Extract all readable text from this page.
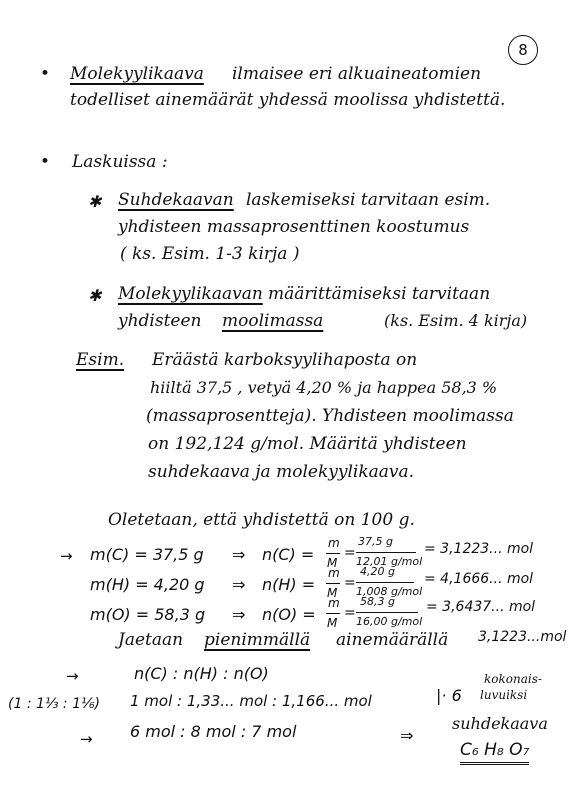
8
• Molekyylikaava ilmaisee eri alkuaineatomien
todelliset ainemäärät yhdessä moolissa yhdistettä.
• Laskuissa :
✱ Suhdekaavan laskemiseksi tarvitaan esim.
yhdisteen massaprosenttinen koostumus
( ks. Esim. 1-3 kirja )
✱ Molekyylikaavan määrittämiseksi tarvitaan
yhdisteen moolimassa	(ks. Esim. 4 kirja)
Esim. Eräästä karboksyylihaposta on
hiiltä 37,5 , vetyä 4,20 % ja happea 58,3 %
(massaprosentteja). Yhdisteen moolimassa
on 192,124 g/mol. Määritä yhdisteen
suhdekaava ja molekyylikaava.
Oletetaan, että yhdistettä on 100 g.
→ m(C) = 37,5 g ⇒ n(C) =
m
M
=
37,5 g
12,01 g/mol
= 3,1223... mol
m(H) = 4,20 g ⇒ n(H) =
m
M
=
4,20 g
1,008 g/mol
= 4,1666... mol
m(O) = 58,3 g ⇒ n(O) =
m
M
=
58,3 g
16,00 g/mol
= 3,6437... mol
Jaetaan pienimmällä ainemäärällä 3,1223...mol
→	n(C) : n(H) : n(O)
(1 : 1⅓ : 1⅙) 1 mol : 1,33... mol : 1,166... mol	|· 6
kokonais-
luvuiksi
→ 6 mol : 8 mol : 7 mol	⇒
suhdekaava
C₆ H₈ O₇
